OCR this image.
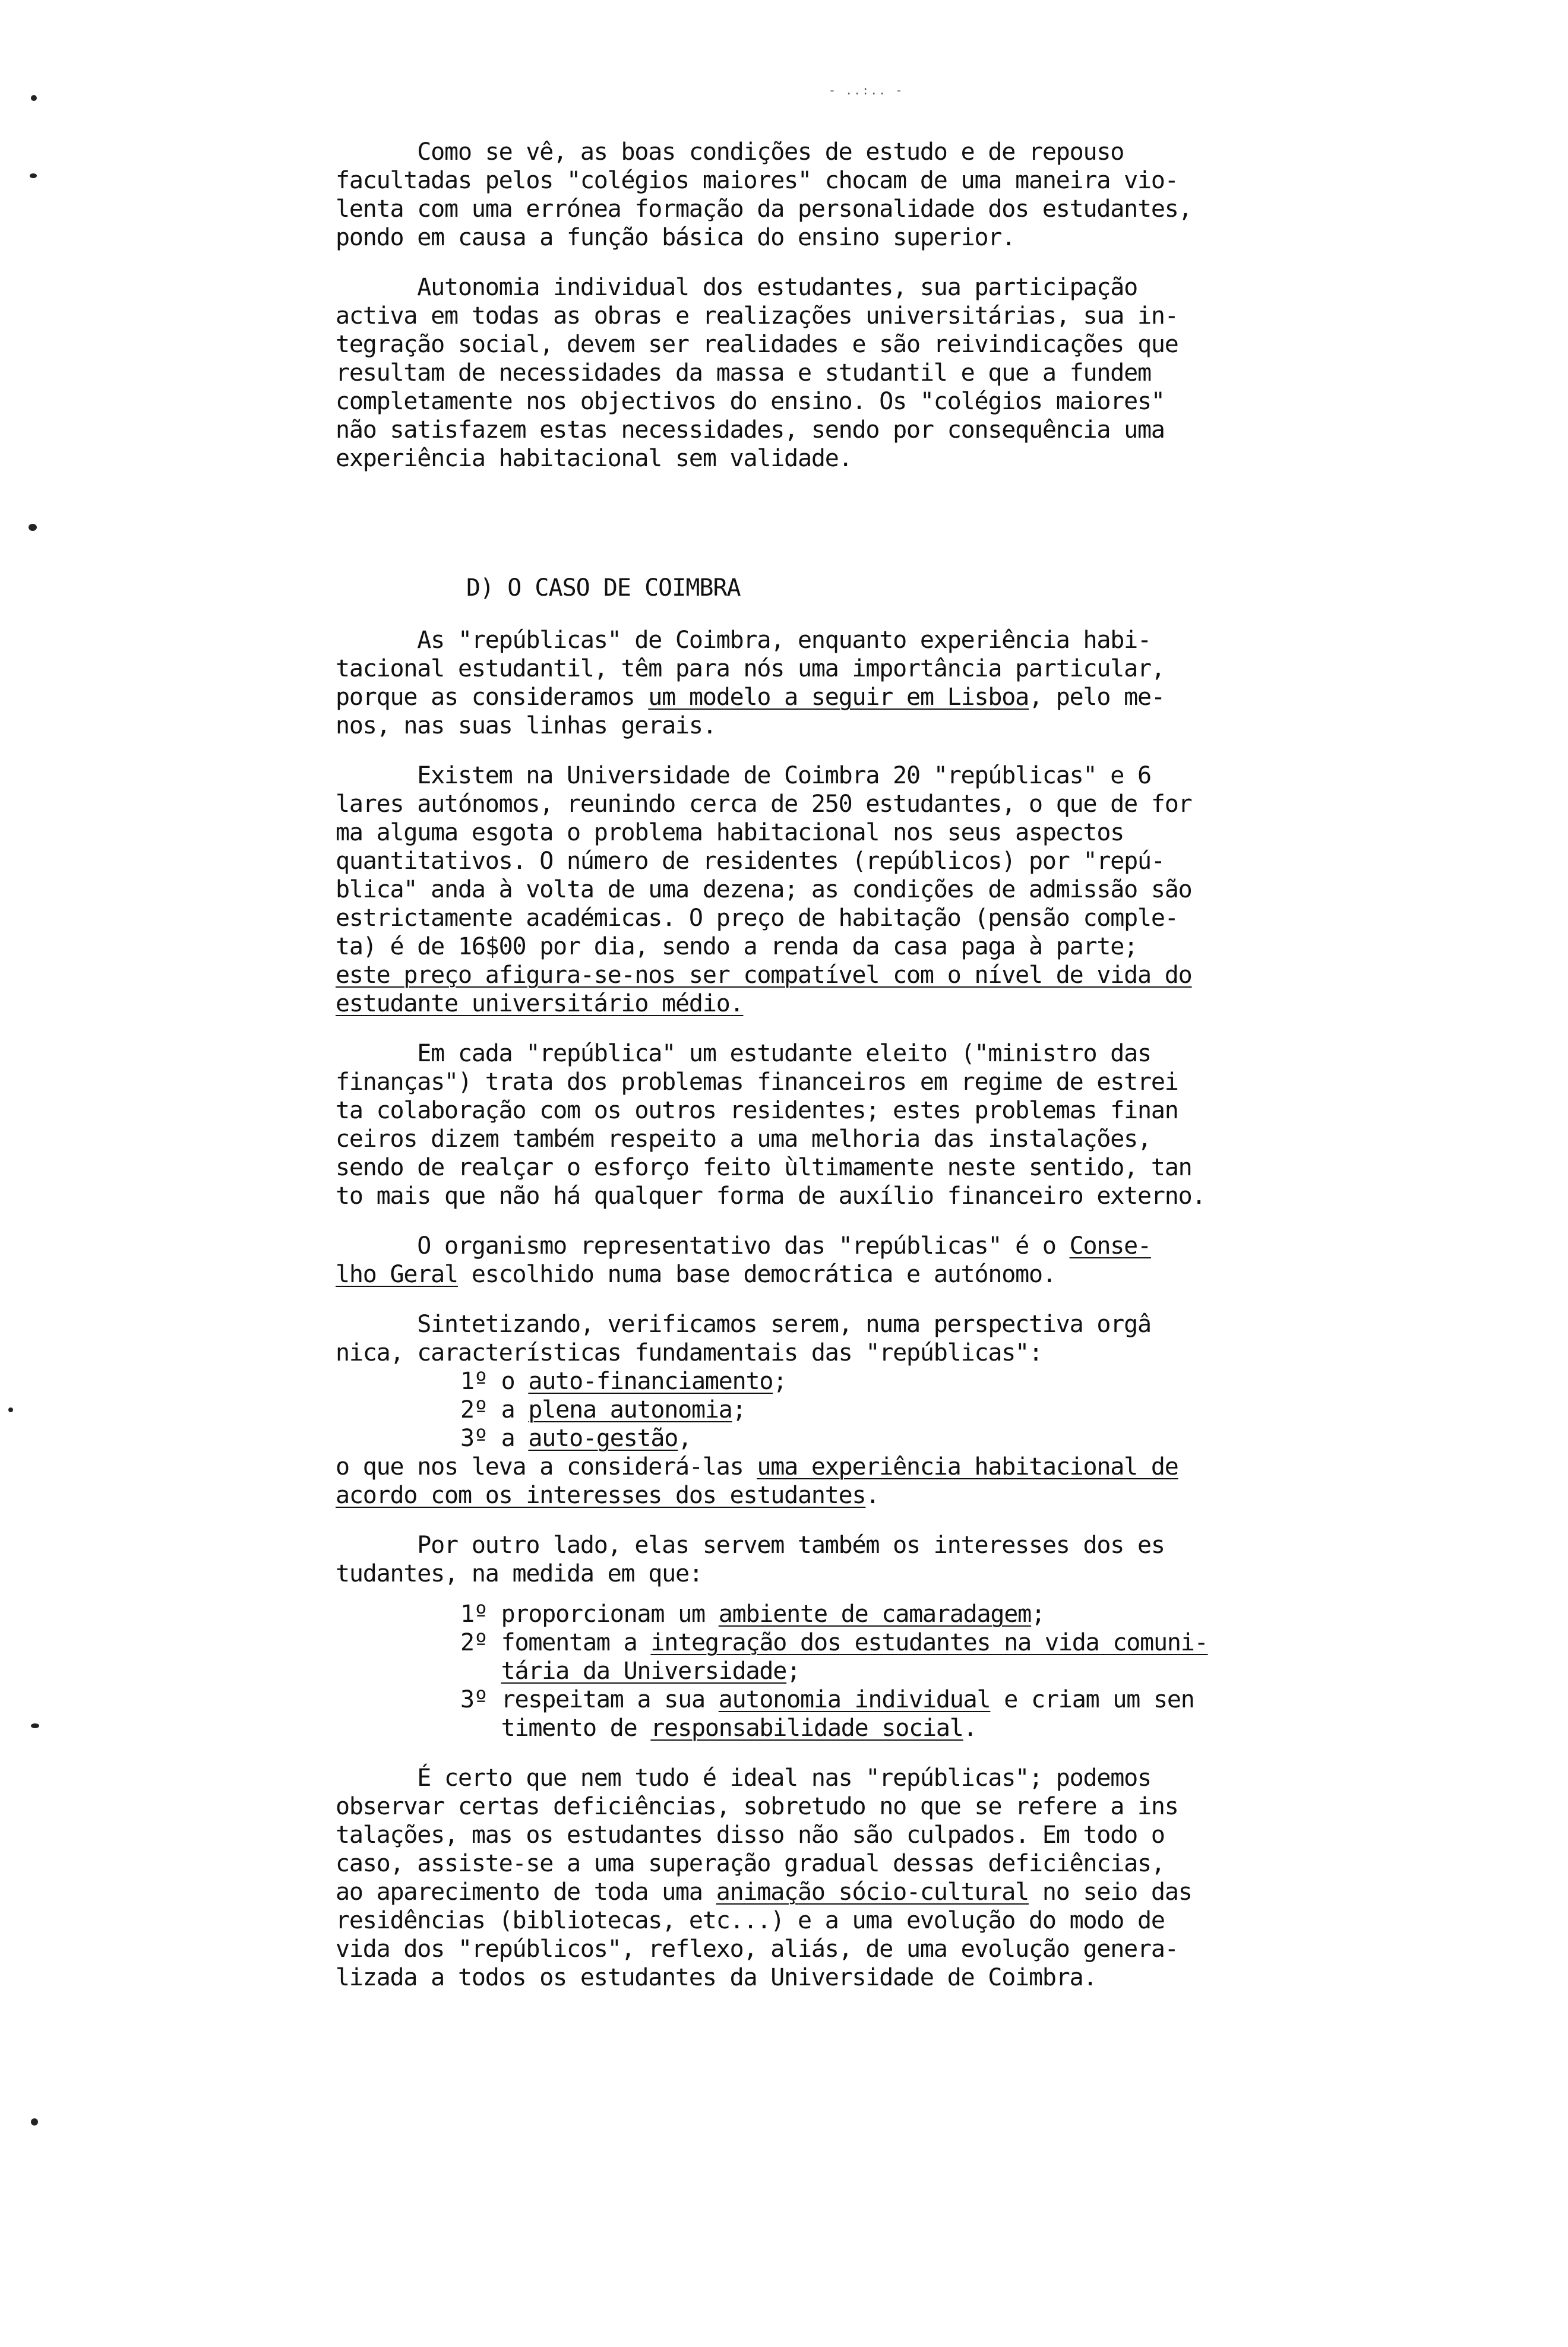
- ..:.. -

Como se vê, as boas condições de estudo e de repouso
facultadas pelos "colégios maiores" chocam de uma maneira vio-
lenta com uma errónea formação da personalidade dos estudantes,
pondo em causa a função básica do ensino superior.

Autonomia individual dos estudantes, sua participação
activa em todas as obras e realizações universitárias, sua in-
tegração social, devem ser realidades e são reivindicações que
resultam de necessidades da massa e studantil e que a fundem
completamente nos objectivos do ensino. Os "colégios maiores"
não satisfazem estas necessidades, sendo por consequência uma
experiência habitacional sem validade.

D) O CASO DE COIMBRA

As "repúblicas" de Coimbra, enquanto experiência habi-
tacional estudantil, têm para nós uma importância particular,
porque as consideramos um modelo a seguir em Lisboa, pelo me-
nos, nas suas linhas gerais.
Existem na Universidade de Coimbra 20 "repúblicas" e 6
lares autónomos, reunindo cerca de 250 estudantes, o que de for
ma alguma esgota o problema habitacional nos seus aspectos
quantitativos. O número de residentes (repúblicos) por "repú-
blica" anda à volta de uma dezena; as condições de admissão são
estrictamente académicas. O preço de habitação (pensão comple-
ta) é de 16$00 por dia, sendo a renda da casa paga à parte;
este preço afigura-se-nos ser compatível com o nível de vida do
estudante universitário médio.

Em cada "república" um estudante eleito ("ministro das
finanças") trata dos problemas financeiros em regime de estrei
ta colaboração com os outros residentes; estes problemas finan
ceiros dizem também respeito a uma melhoria das instalações,
sendo de realçar o esforço feito ùltimamente neste sentido, tan
to mais que não há qualquer forma de auxílio financeiro externo.

O organismo representativo das "repúblicas" é o Conse-
lho Geral escolhido numa base democrática e autónomo.
Sintetizando, verificamos serem, numa perspectiva orgâ
nica, características fundamentais das "repúblicas":
1º o auto-financiamento;
2º a plena autonomia;
3º a auto-gestão,
o que nos leva a considerá-las uma experiência habitacional de
acordo com os interesses dos estudantes.
Por outro lado, elas servem também os interesses dos es
tudantes, na medida em que:
1º proporcionam um ambiente de camaradagem;
2º fomentam a integração dos estudantes na vida comuni-
tária da Universidade;
3º respeitam a sua autonomia individual e criam um sen
timento de responsabilidade social.
É certo que nem tudo é ideal nas "repúblicas"; podemos
observar certas deficiências, sobretudo no que se refere a ins
talações, mas os estudantes disso não são culpados. Em todo o
caso, assiste-se a uma superação gradual dessas deficiências,
ao aparecimento de toda uma animação sócio-cultural no seio das
residências (bibliotecas, etc...) e a uma evolução do modo de
vida dos "repúblicos", reflexo, aliás, de uma evolução genera-
lizada a todos os estudantes da Universidade de Coimbra.
